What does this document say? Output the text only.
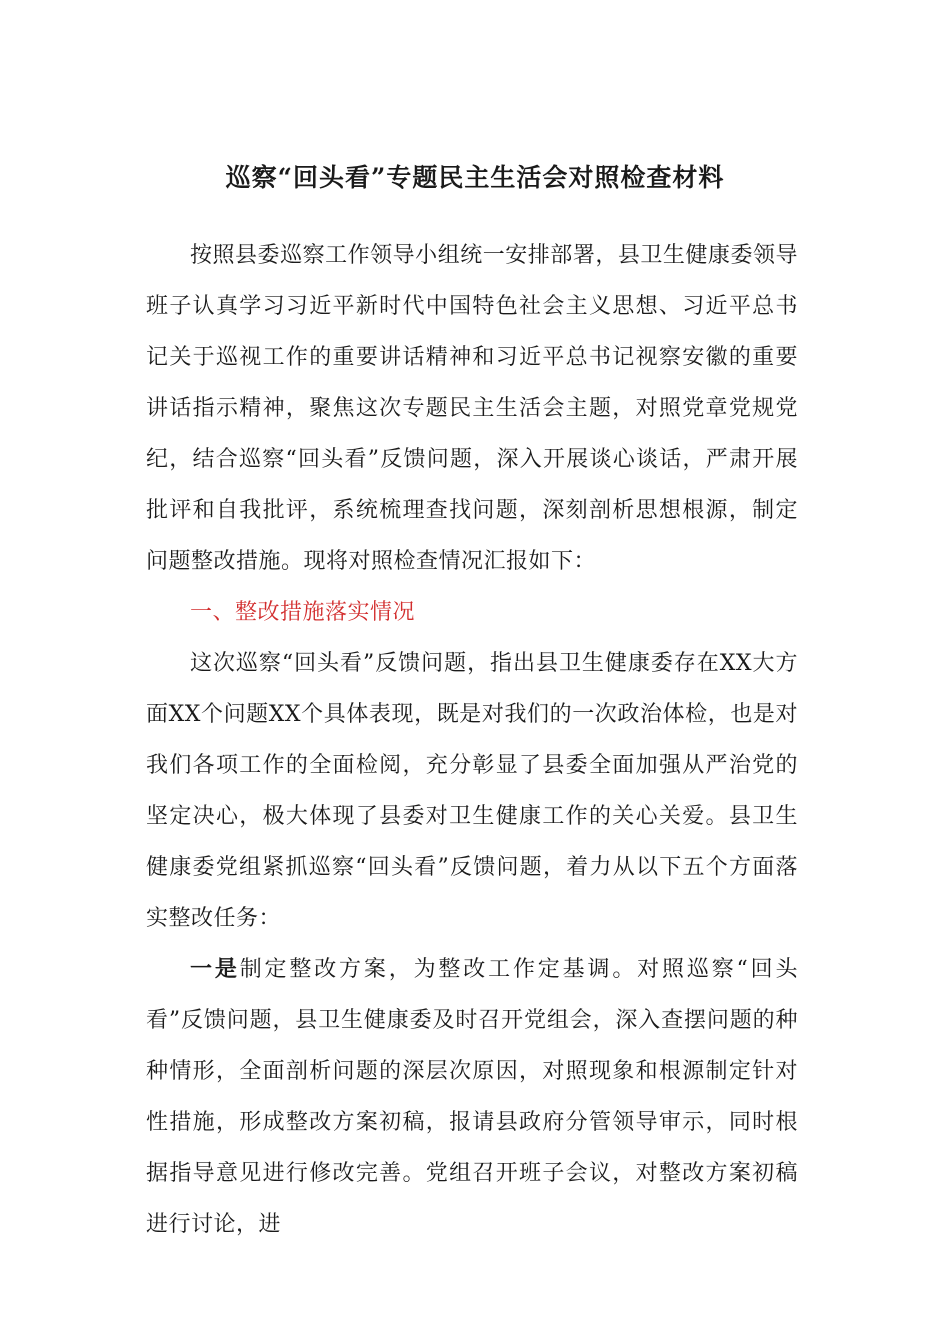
巡察“回头看”专题民主生活会对照检查材料

按照县委巡察工作领导小组统一安排部署，县卫生健康委领导班子认真学习习近平新时代中国特色社会主义思想、习近平总书记关于巡视工作的重要讲话精神和习近平总书记视察安徽的重要讲话指示精神，聚焦这次专题民主生活会主题，对照党章党规党纪，结合巡察“回头看”反馈问题，深入开展谈心谈话，严肃开展批评和自我批评，系统梳理查找问题，深刻剖析思想根源，制定问题整改措施。现将对照检查情况汇报如下：

一、整改措施落实情况

这次巡察“回头看”反馈问题，指出县卫生健康委存在XX大方面XX个问题XX个具体表现，既是对我们的一次政治体检，也是对我们各项工作的全面检阅，充分彰显了县委全面加强从严治党的坚定决心，极大体现了县委对卫生健康工作的关心关爱。县卫生健康委党组紧抓巡察“回头看”反馈问题，着力从以下五个方面落实整改任务：

一是制定整改方案，为整改工作定基调。对照巡察“回头看”反馈问题，县卫生健康委及时召开党组会，深入查摆问题的种种情形，全面剖析问题的深层次原因，对照现象和根源制定针对性措施，形成整改方案初稿，报请县政府分管领导审示，同时根据指导意见进行修改完善。党组召开班子会议，对整改方案初稿进行讨论，进
